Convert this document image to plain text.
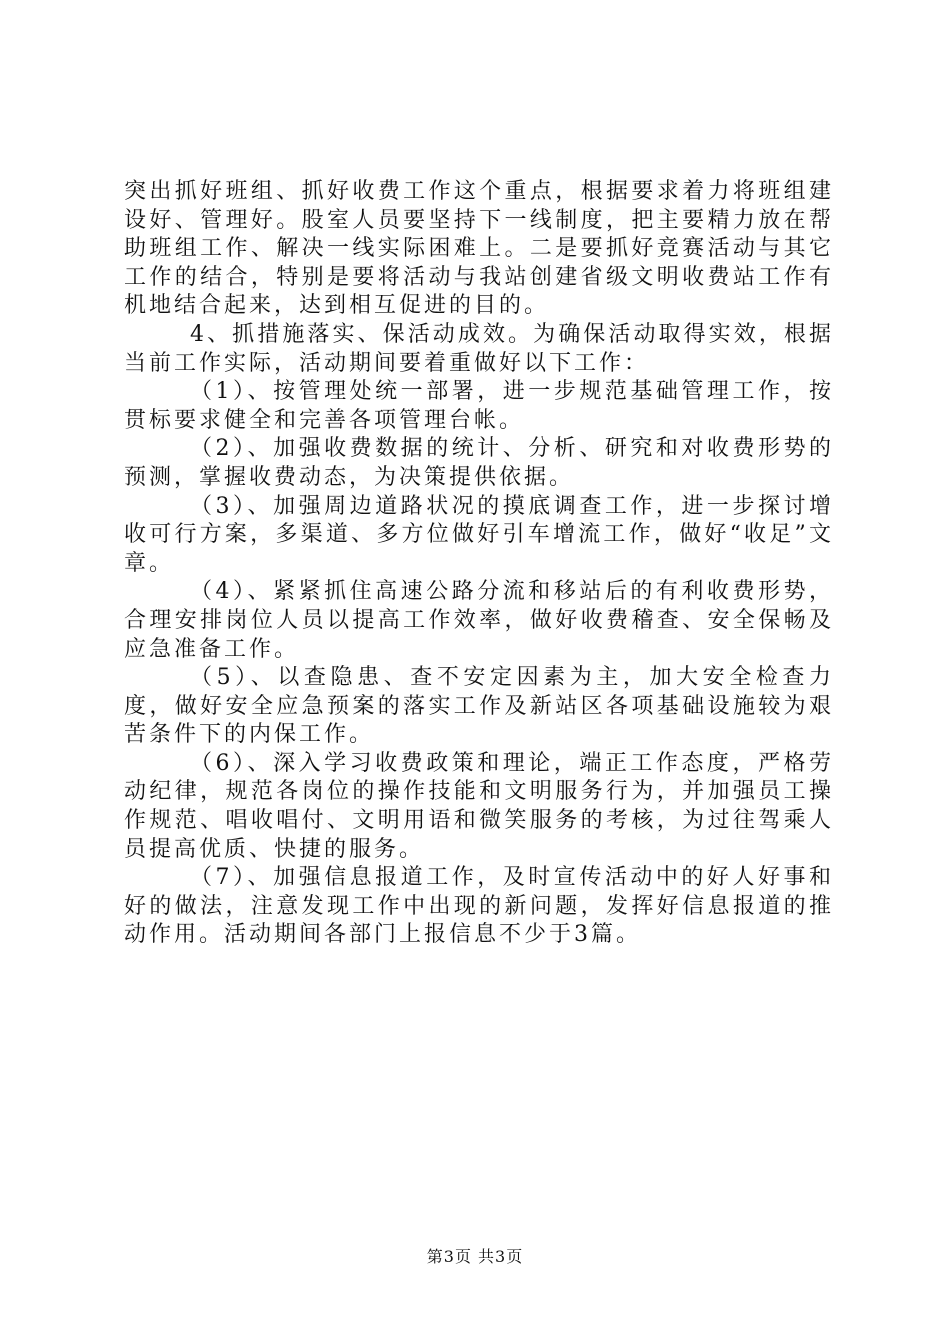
突出抓好班组、抓好收费工作这个重点，根据要求着力将班组建设好、管理好。股室人员要坚持下一线制度，把主要精力放在帮助班组工作、解决一线实际困难上。二是要抓好竞赛活动与其它工作的结合，特别是要将活动与我站创建省级文明收费站工作有机地结合起来，达到相互促进的目的。

4、抓措施落实、保活动成效。为确保活动取得实效，根据当前工作实际，活动期间要着重做好以下工作：

（1）、按管理处统一部署，进一步规范基础管理工作，按贯标要求健全和完善各项管理台帐。

（2）、加强收费数据的统计、分析、研究和对收费形势的预测，掌握收费动态，为决策提供依据。

（3）、加强周边道路状况的摸底调查工作，进一步探讨增收可行方案，多渠道、多方位做好引车增流工作，做好“收足”文章。

（4）、紧紧抓住高速公路分流和移站后的有利收费形势，合理安排岗位人员以提高工作效率，做好收费稽查、安全保畅及应急准备工作。

（5）、以查隐患、查不安定因素为主，加大安全检查力度，做好安全应急预案的落实工作及新站区各项基础设施较为艰苦条件下的内保工作。

（6）、深入学习收费政策和理论，端正工作态度，严格劳动纪律，规范各岗位的操作技能和文明服务行为，并加强员工操作规范、唱收唱付、文明用语和微笑服务的考核，为过往驾乘人员提高优质、快捷的服务。

（7）、加强信息报道工作，及时宣传活动中的好人好事和好的做法，注意发现工作中出现的新问题，发挥好信息报道的推动作用。活动期间各部门上报信息不少于3篇。

第3页 共3页
